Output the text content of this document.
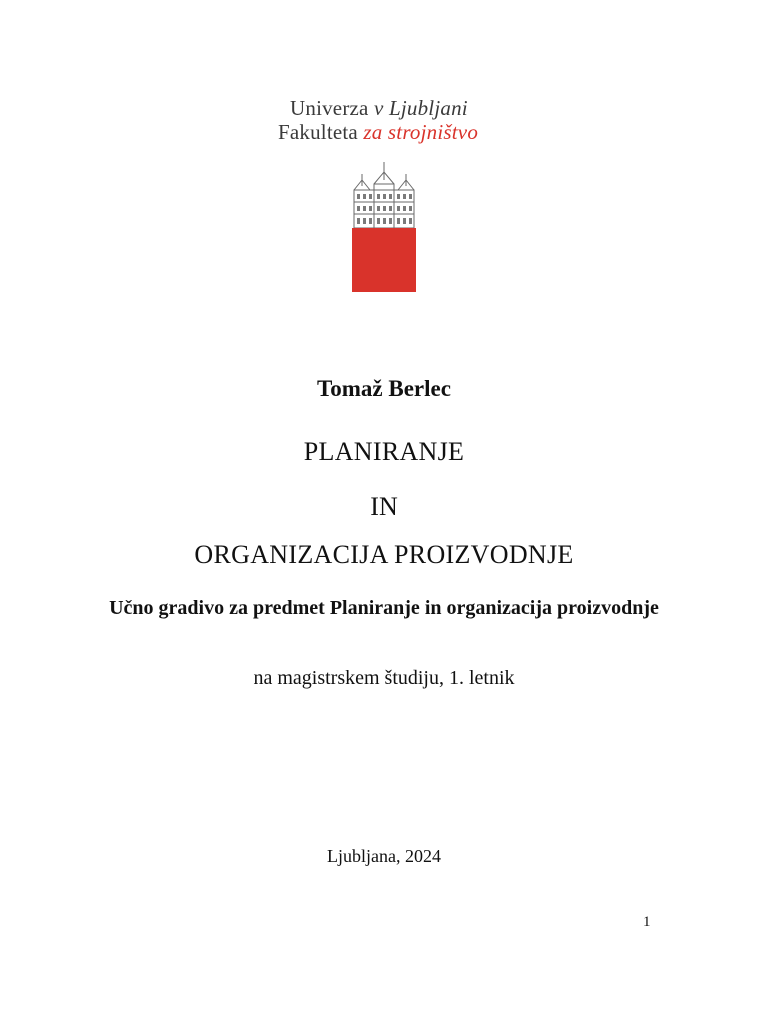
Univerza v Ljubljani
Fakulteta za strojništvo
Tomaž Berlec
PLANIRANJE
IN
ORGANIZACIJA PROIZVODNJE

Učno gradivo za predmet Planiranje in organizacija proizvodnje

na magistrskem študiju, 1. letnik

Ljubljana, 2024

1
